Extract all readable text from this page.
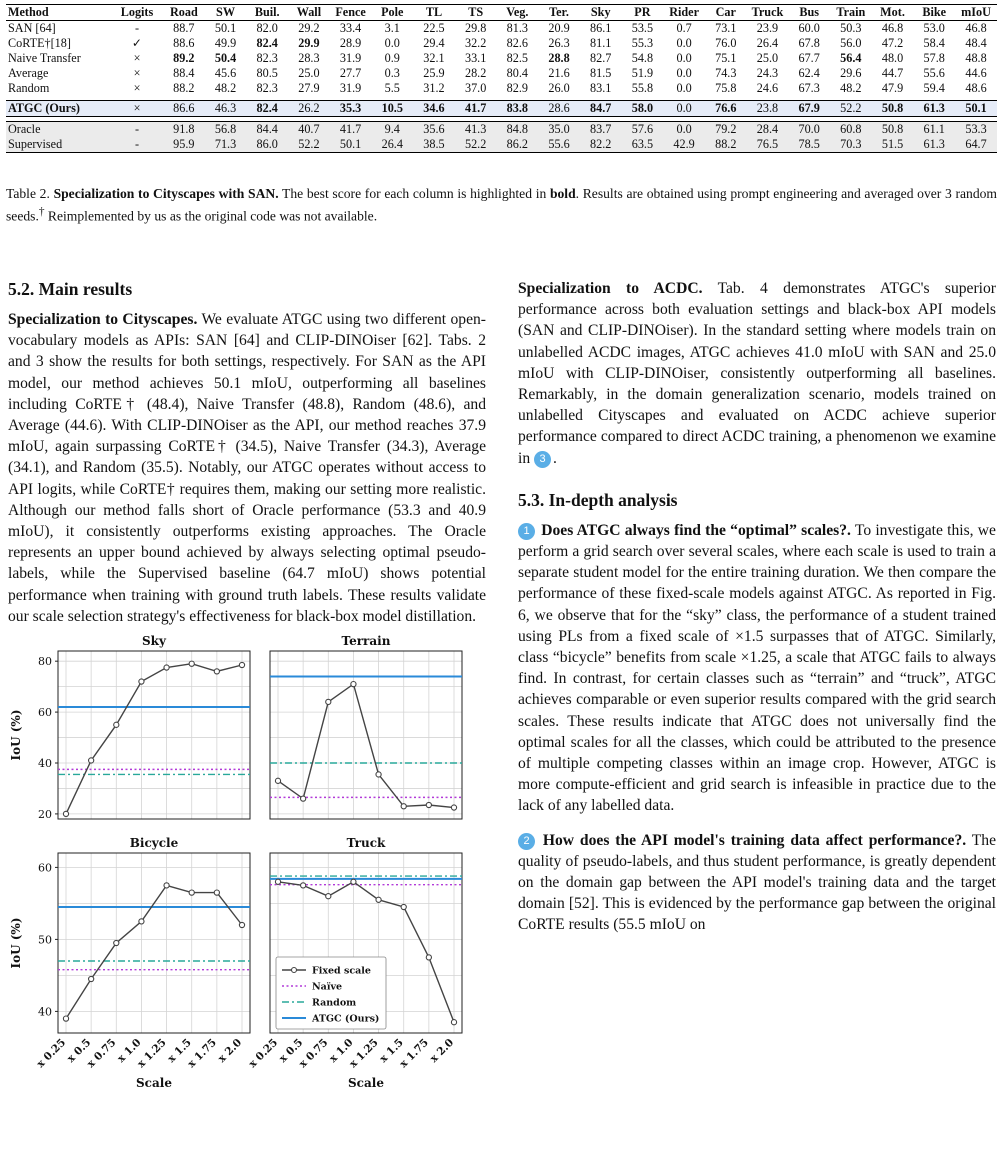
Method	Logits	Road	SW	Buil.	Wall	Fence	Pole	TL	TS	Veg.	Ter.	Sky	PR	Rider	Car	Truck	Bus	Train	Mot.	Bike	mIoU
SAN [64]	-	88.7	50.1	82.0	29.2	33.4	3.1	22.5	29.8	81.3	20.9	86.1	53.5	0.7	73.1	23.9	60.0	50.3	46.8	53.0	46.8
CoRTE†[18]	✓	88.6	49.9	82.4	29.9	28.9	0.0	29.4	32.2	82.6	26.3	81.1	55.3	0.0	76.0	26.4	67.8	56.0	47.2	58.4	48.4
Naive Transfer	×	89.2	50.4	82.3	28.3	31.9	0.9	32.1	33.1	82.5	28.8	82.7	54.8	0.0	75.1	25.0	67.7	56.4	48.0	57.8	48.8
Average	×	88.4	45.6	80.5	25.0	27.7	0.3	25.9	28.2	80.4	21.6	81.5	51.9	0.0	74.3	24.3	62.4	29.6	44.7	55.6	44.6
Random	×	88.2	48.2	82.3	27.9	31.9	5.5	31.2	37.0	82.9	26.0	83.1	55.8	0.0	75.8	24.6	67.3	48.2	47.9	59.4	48.6

ATGC (Ours)	×	86.6	46.3	82.4	26.2	35.3	10.5	34.6	41.7	83.8	28.6	84.7	58.0	0.0	76.6	23.8	67.9	52.2	50.8	61.3	50.1

Oracle	-	91.8	56.8	84.4	40.7	41.7	9.4	35.6	41.3	84.8	35.0	83.7	57.6	0.0	79.2	28.4	70.0	60.8	50.8	61.1	53.3
Supervised	-	95.9	71.3	86.0	52.2	50.1	26.4	38.5	52.2	86.2	55.6	82.2	63.5	42.9	88.2	76.5	78.5	70.3	51.5	61.3	64.7
Table 2. Specialization to Cityscapes with SAN. The best score for each column is highlighted in bold. Results are obtained using prompt engineering and averaged over 3 random seeds.† Reimplemented by us as the original code was not available.
5.2. Main results

Specialization to Cityscapes. We evaluate ATGC using two different open-vocabulary models as APIs: SAN [64] and CLIP-DINOiser [62]. Tabs. 2 and 3 show the results for both settings, respectively. For SAN as the API model, our method achieves 50.1 mIoU, outperforming all baselines including CoRTE† (48.4), Naive Transfer (48.8), Random (48.6), and Average (44.6). With CLIP-DINOiser as the API, our method reaches 37.9 mIoU, again surpassing CoRTE† (34.5), Naive Transfer (34.3), Average (34.1), and Random (35.5). Notably, our ATGC operates without access to API logits, while CoRTE† requires them, making our setting more realistic. Although our method falls short of Oracle performance (53.3 and 40.9 mIoU), it consistently outperforms existing approaches. The Oracle represents an upper bound achieved by always selecting optimal pseudo-labels, while the Supervised baseline (64.7 mIoU) shows potential performance when training with ground truth labels. These results validate our scale selection strategy's effectiveness for black-box model distillation.

Sky
20
40
60
80
IoU (%)
Terrain
Bicycle
40
50
60
x 0.25
x 0.5
x 0.75
x 1.0
x 1.25
x 1.5
x 1.75
x 2.0
Scale
IoU (%)
Truck
x 0.25
x 0.5
x 0.75
x 1.0
x 1.25
x 1.5
x 1.75
x 2.0
Scale
Fixed scale
Naïve
Random
ATGC (Ours)

Specialization to ACDC. Tab. 4 demonstrates ATGC's superior performance across both evaluation settings and black-box API models (SAN and CLIP-DINOiser). In the standard setting where models train on unlabelled ACDC images, ATGC achieves 41.0 mIoU with SAN and 25.0 mIoU with CLIP-DINOiser, consistently outperforming all baselines. Remarkably, in the domain generalization scenario, models trained on unlabelled Cityscapes and evaluated on ACDC achieve superior performance compared to direct ACDC training, a phenomenon we examine in 3 .

5.3. In-depth analysis

1 Does ATGC always find the “optimal” scales?. To investigate this, we perform a grid search over several scales, where each scale is used to train a separate student model for the entire training duration. We then compare the performance of these fixed-scale models against ATGC. As reported in Fig. 6, we observe that for the “sky” class, the performance of a student trained using PLs from a fixed scale of ×1.5 surpasses that of ATGC. Similarly, class “bicycle” benefits from scale ×1.25, a scale that ATGC fails to always find. In contrast, for certain classes such as “terrain” and “truck”, ATGC achieves comparable or even superior results compared with the grid search scales. These results indicate that ATGC does not universally find the optimal scales for all the classes, which could be attributed to the presence of multiple competing classes within an image crop. However, ATGC is more compute-efficient and grid search is infeasible in practice due to the lack of any labelled data.

2 How does the API model's training data affect performance?. The quality of pseudo-labels, and thus student performance, is greatly dependent on the domain gap between the API model's training data and the target domain [52]. This is evidenced by the performance gap between the original CoRTE results (55.5 mIoU on
